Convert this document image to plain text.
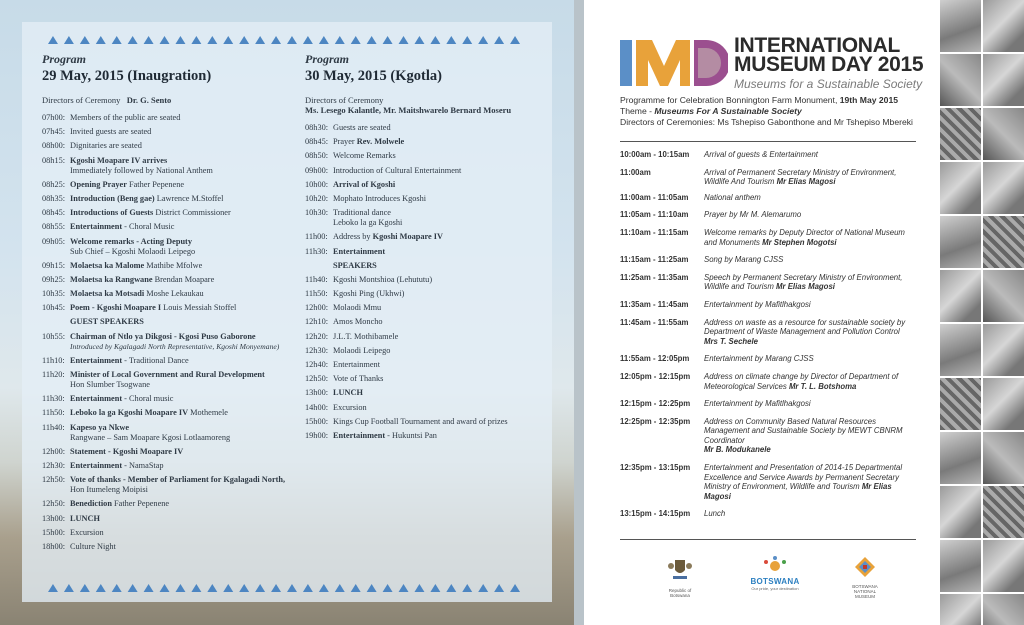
Program
29 May, 2015 (Inaugration)
Directors of Ceremony Dr. G. Sento
07h00: Members of the public are seated
07h45: Invited guests are seated
08h00: Dignitaries are seated
08h15: Kgoshi Moapare IV arrives
Immediately followed by National Anthem
08h25: Opening Prayer Father Pepenene
08h35: Introduction (Beng gae) Lawrence M.Stoffel
08h45: Introductions of Guests District Commissioner
08h55: Entertainment - Choral Music
09h05: Welcome remarks - Acting Deputy
Sub Chief – Kgoshi Molaodi Leipego
09h15: Molaetsa ka Malome Mathibe Mfolwe
09h25: Molaetsa ka Rangwane Brendan Moapare
10h35: Molaetsa ka Motsadi Moshe Lekaukau
10h45: Poem - Kgoshi Moapare I Louis Messiah Stoffel
GUEST SPEAKERS
10h55: Chairman of Ntlo ya Dikgosi - Kgosi Puso Gaborone
Introduced by Kgalagadi North Representative, Kgoshi Monyemane)
11h10: Entertainment - Traditional Dance
11h20: Minister of Local Government and Rural Development
Hon Slumber Tsogwane
11h30: Entertainment - Choral music
11h50: Leboko la ga Kgoshi Moapare IV Mothemele
11h40: Kapeso ya Nkwe
Rangwane – Sam Moapare Kgosi Lotlaamoreng
12h00: Statement - Kgoshi Moapare IV
12h30: Entertainment - NamaStap
12h50: Vote of thanks - Member of Parliament for Kgalagadi North,
Hon Itumeleng Moipisi
12h50: Benediction Father Pepenene
13h00: LUNCH
15h00: Excursion
18h00: Culture Night
Program
30 May, 2015 (Kgotla)
Directors of Ceremony
Ms. Lesego Kalantle, Mr. Maitshwarelo Bernard Moseru
08h30: Guests are seated
08h45: Prayer Rev. Molwele
08h50: Welcome Remarks
09h00: Introduction of Cultural Entertainment
10h00: Arrival of Kgoshi
10h20: Mophato Introduces Kgoshi
10h30: Traditional dance
Leboko la ga Kgoshi
11h00: Address by Kgoshi Moapare IV
11h30: Entertainment
SPEAKERS
11h40: Kgoshi Montshioa (Lehututu)
11h50: Kgoshi Ping (Ukhwi)
12h00: Molaodi Mmu
12h10: Amos Moncho
12h20: J.L.T. Mothibamele
12h30: Molaodi Leipego
12h40: Entertainment
12h50: Vote of Thanks
13h00: LUNCH
14h00: Excursion
15h00: Kings Cup Football Tournament and award of prizes
19h00: Entertainment - Hukuntsi Pan
INTERNATIONAL
MUSEUM DAY 2015
Museums for a Sustainable Society
Programme for Celebration Bonnington Farm Monument, 19th May 2015
Theme - Museums For A Sustainable Society
Directors of Ceremonies: Ms Tshepiso Gabonthone and Mr Tshepiso Mbereki
10:00am - 10:15am	Arrival of guests & Entertainment
11:00am	Arrival of Permanent Secretary Ministry of Environment,
Wildlife And Tourism Mr Elias Magosi
11:00am - 11:05am	National anthem
11:05am - 11:10am	Prayer by Mr M. Alemarumo
11:10am - 11:15am	Welcome remarks by Deputy Director of National Museum
and Monuments Mr Stephen Mogotsi
11:15am - 11:25am	Song by Marang CJSS
11:25am - 11:35am	Speech by Permanent Secretary Ministry of Environment,
Wildlife and Tourism Mr Elias Magosi
11:35am - 11:45am	Entertainment by Mafitlhakgosi
11:45am - 11:55am	Address on waste as a resource for sustainable society by
Department of Waste Management and Pollution Control
Mrs T. Sechele
11:55am - 12:05pm	Entertainment by Marang CJSS
12:05pm - 12:15pm	Address on climate change by Director of Department of
Meteorological Services Mr T. L. Botshoma
12:15pm - 12:25pm	Entertainment by Mafitlhakgosi
12:25pm - 12:35pm	Address on Community Based Natural Resources
Management and Sustainable Society by MEWT CBNRM
Coordinator
Mr B. Modukanele
12:35pm - 13:15pm	Entertainment and Presentation of 2014-15 Departmental
Excellence and Service Awards by Permanent Secretary
Ministry of Environment, Wildlife and Tourism Mr Elias Magosi
13:15pm - 14:15pm	Lunch
Republic of Botswana
BOTSWANA
Our pride, your destination	BOTSWANA NATIONAL MUSEUM
